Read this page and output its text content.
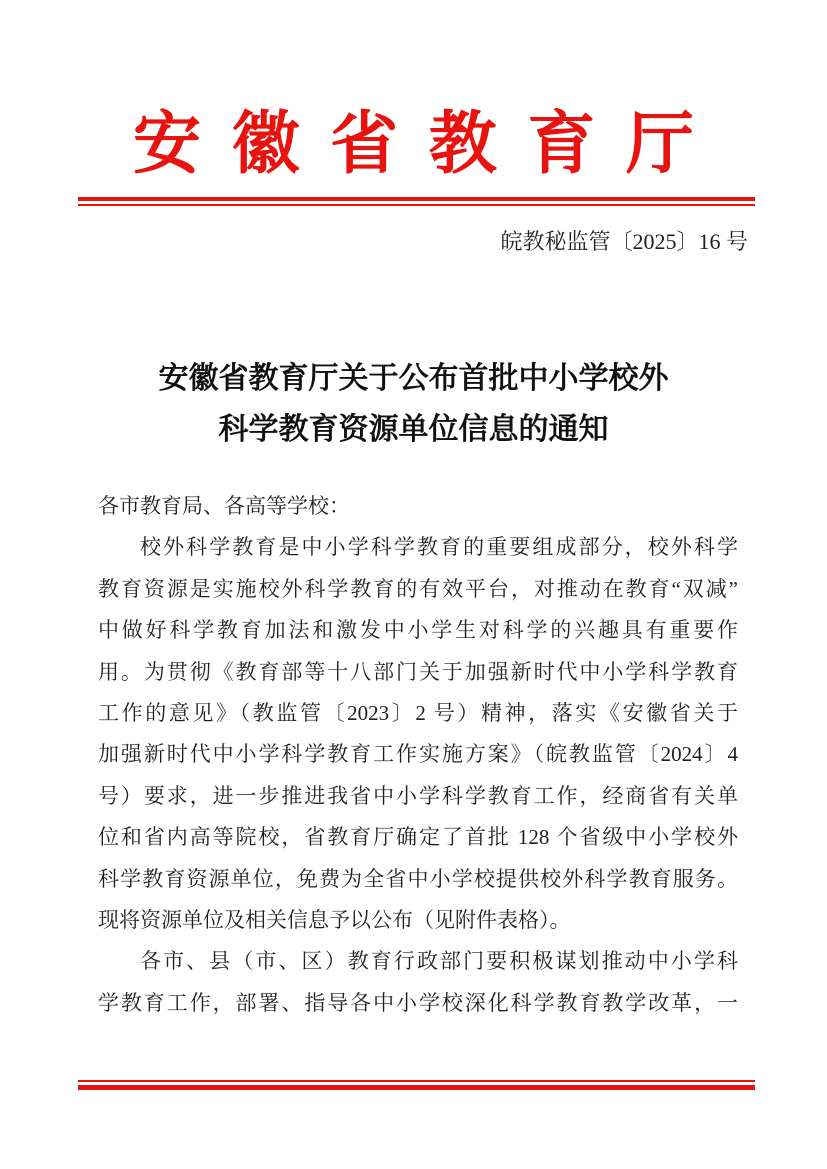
安徽省教育厅
皖教秘监管〔2025〕16 号
安徽省教育厅关于公布首批中小学校外
科学教育资源单位信息的通知
各市教育局、各高等学校：
校外科学教育是中小学科学教育的重要组成部分，校外科学
教育资源是实施校外科学教育的有效平台，对推动在教育“双减”
中做好科学教育加法和激发中小学生对科学的兴趣具有重要作
用。为贯彻《教育部等十八部门关于加强新时代中小学科学教育
工作的意见》（教监管〔2023〕2 号）精神，落实《安徽省关于
加强新时代中小学科学教育工作实施方案》（皖教监管〔2024〕4
号）要求，进一步推进我省中小学科学教育工作，经商省有关单
位和省内高等院校，省教育厅确定了首批 128 个省级中小学校外
科学教育资源单位，免费为全省中小学校提供校外科学教育服务。
现将资源单位及相关信息予以公布（见附件表格）。
各市、县（市、区）教育行政部门要积极谋划推动中小学科
学教育工作，部署、指导各中小学校深化科学教育教学改革，一
